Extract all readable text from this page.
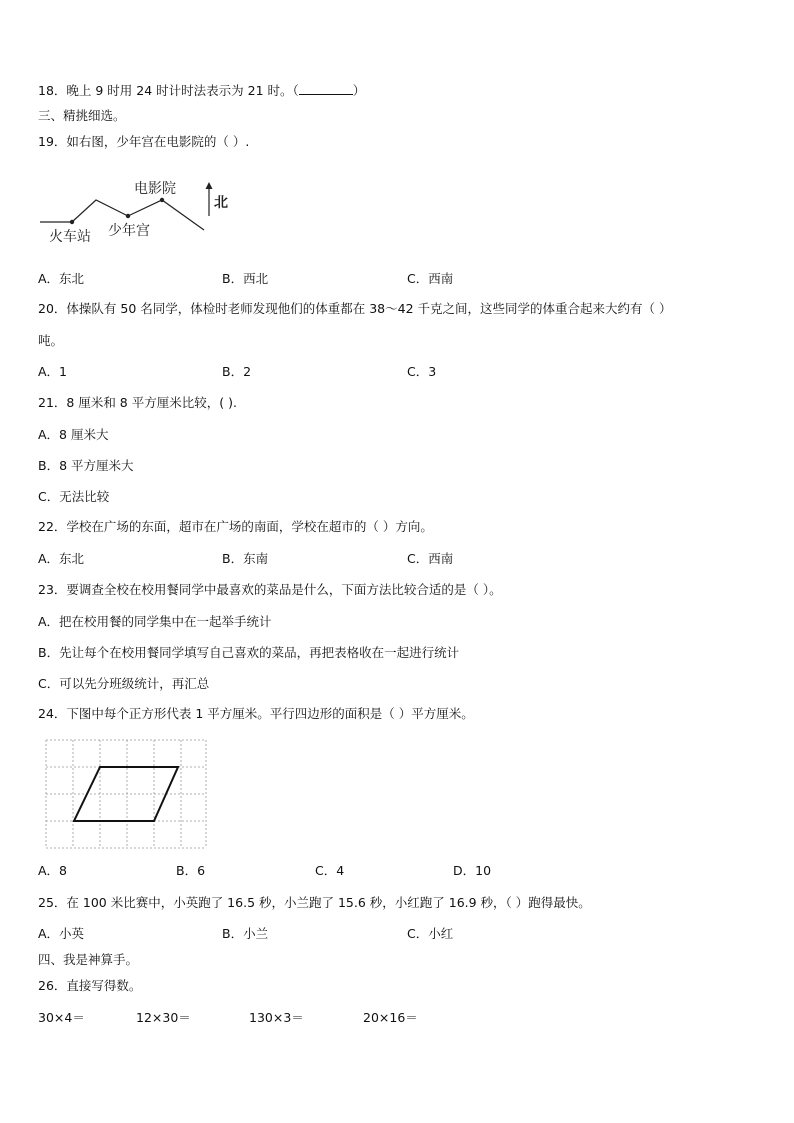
18．晚上 9 时用 24 时计时法表示为 21 时。（	）
三、精挑细选。
19．如右图，少年宫在电影院的（ ）.
电影院
火车站 少年宫
北
A．东北	B．西北	C．西南
20．体操队有 50 名同学，体检时老师发现他们的体重都在 38～42 千克之间，这些同学的体重合起来大约有（ ）
吨。
A．1	B．2	C．3
21．8 厘米和 8 平方厘米比较，( ).
A．8 厘米大
B．8 平方厘米大
C．无法比较
22．学校在广场的东面，超市在广场的南面，学校在超市的（ ）方向。
A．东北	B．东南	C．西南
23．要调查全校在校用餐同学中最喜欢的菜品是什么，下面方法比较合适的是（ ）。
A．把在校用餐的同学集中在一起举手统计
B．先让每个在校用餐同学填写自己喜欢的菜品，再把表格收在一起进行统计
C．可以先分班级统计，再汇总
24．下图中每个正方形代表 1 平方厘米。平行四边形的面积是（ ）平方厘米。
A．8	B．6	C．4	D．10
25．在 100 米比赛中，小英跑了 16.5 秒，小兰跑了 15.6 秒，小红跑了 16.9 秒，（ ）跑得最快。
A．小英	B．小兰	C．小红
四、我是神算手。
26．直接写得数。
30×4＝	12×30＝	130×3＝	20×16＝
